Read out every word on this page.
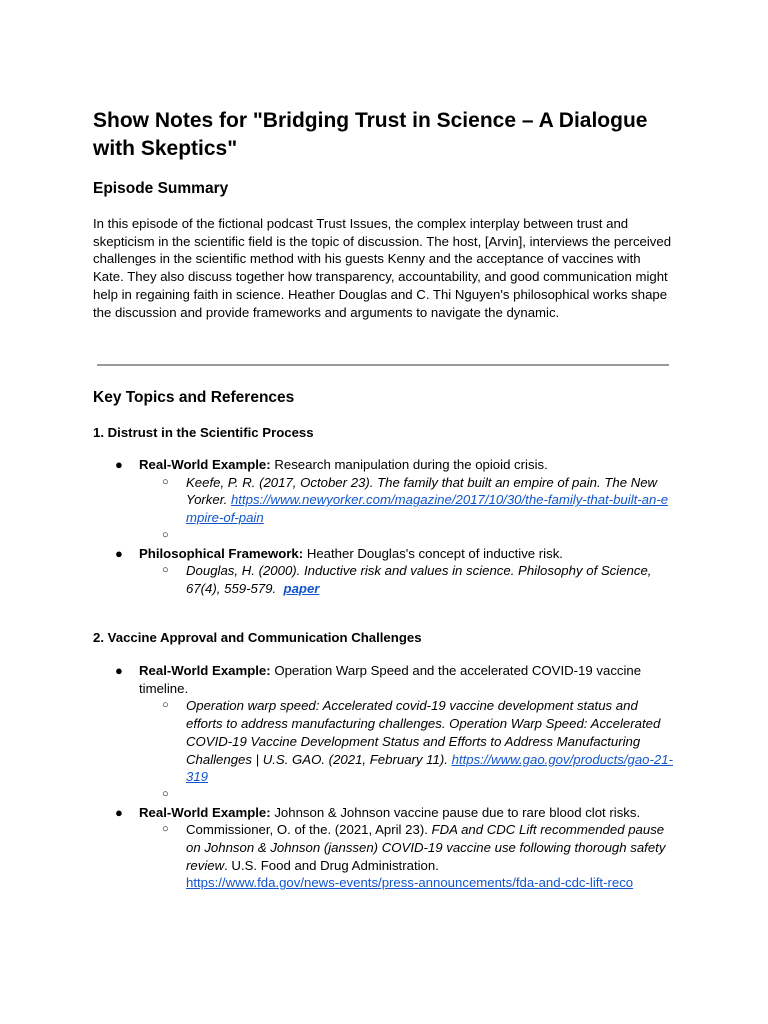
Show Notes for "Bridging Trust in Science – A Dialogue with Skeptics"
Episode Summary

In this episode of the fictional podcast Trust Issues, the complex interplay between trust and skepticism in the scientific field is the topic of discussion. The host, [Arvin], interviews the perceived challenges in the scientific method with his guests Kenny and the acceptance of vaccines with Kate. They also discuss together how transparency, accountability, and good communication might help in regaining faith in science. Heather Douglas and C. Thi Nguyen's philosophical works shape the discussion and provide frameworks and arguments to navigate the dynamic.

Key Topics and References
1. Distrust in the Scientific Process
● Real-World Example: Research manipulation during the opioid crisis.
○ Keefe, P. R. (2017, October 23). The family that built an empire of pain. The New Yorker. https://www.newyorker.com/magazine/2017/10/30/the-family-that-built-an-empire-of-pain
○
● Philosophical Framework: Heather Douglas's concept of inductive risk.
○ Douglas, H. (2000). Inductive risk and values in science. Philosophy of Science, 67(4), 559-579. paper
2. Vaccine Approval and Communication Challenges
● Real-World Example: Operation Warp Speed and the accelerated COVID-19 vaccine timeline.
○ Operation warp speed: Accelerated covid-19 vaccine development status and efforts to address manufacturing challenges. Operation Warp Speed: Accelerated COVID-19 Vaccine Development Status and Efforts to Address Manufacturing Challenges | U.S. GAO. (2021, February 11). https://www.gao.gov/products/gao-21-319
○
● Real-World Example: Johnson & Johnson vaccine pause due to rare blood clot risks.
○ Commissioner, O. of the. (2021, April 23). FDA and CDC Lift recommended pause on Johnson & Johnson (janssen) COVID-19 vaccine use following thorough safety review. U.S. Food and Drug Administration. https://www.fda.gov/news-events/press-announcements/fda-and-cdc-lift-reco
